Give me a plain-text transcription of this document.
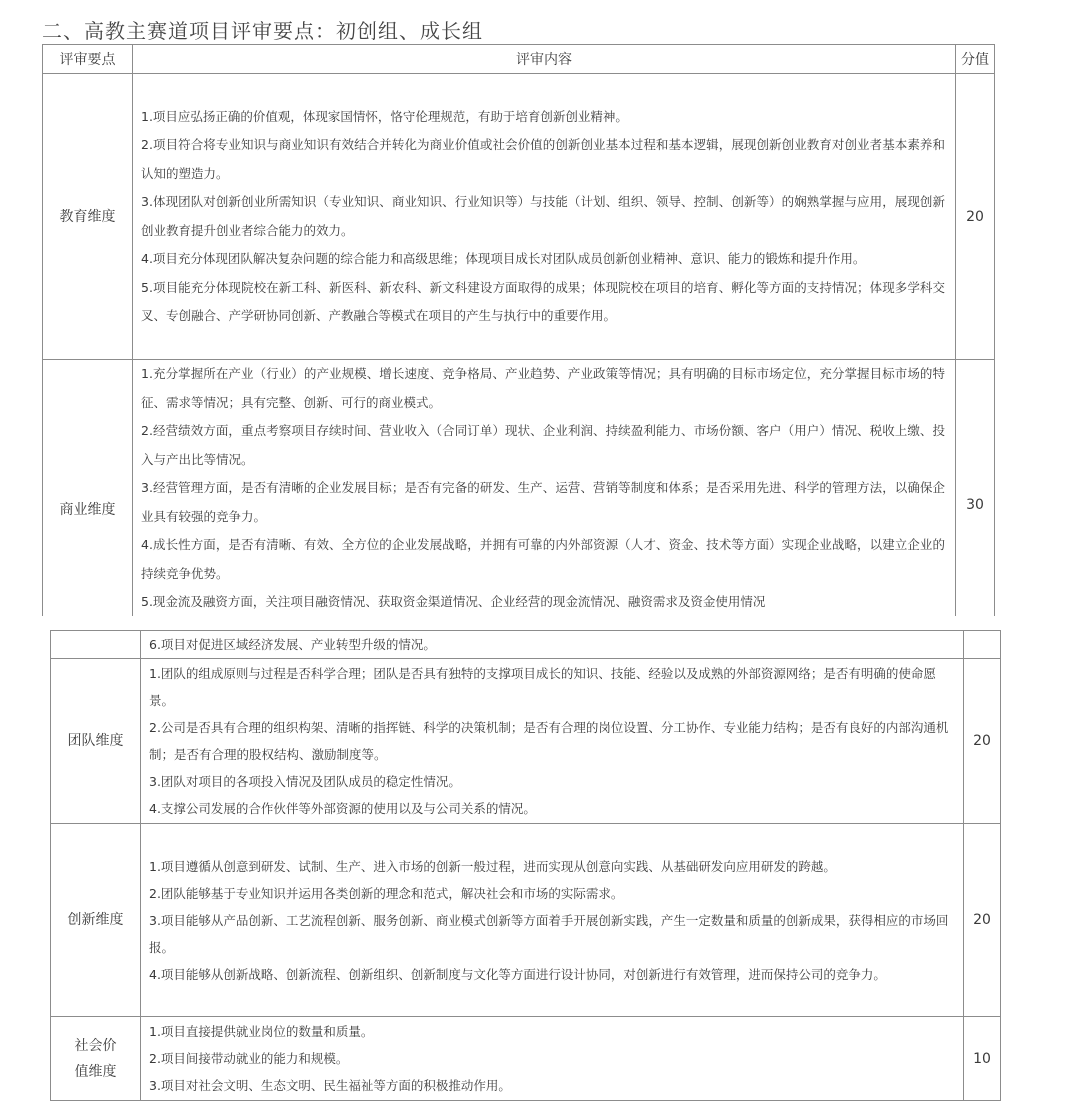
二、高教主赛道项目评审要点：初创组、成长组
评审要点	评审内容	分值
教育维度	1.项目应弘扬正确的价值观，体现家国情怀，恪守伦理规范，有助于培育创新创业精神。

2.项目符合将专业知识与商业知识有效结合并转化为商业价值或社会价值的创新创业基本过程和基本逻辑，展现创新创业教育对创业者基本素养和认知的塑造力。

3.体现团队对创新创业所需知识（专业知识、商业知识、行业知识等）与技能（计划、组织、领导、控制、创新等）的娴熟掌握与应用，展现创新创业教育提升创业者综合能力的效力。

4.项目充分体现团队解决复杂问题的综合能力和高级思维；体现项目成长对团队成员创新创业精神、意识、能力的锻炼和提升作用。

5.项目能充分体现院校在新工科、新医科、新农科、新文科建设方面取得的成果；体现院校在项目的培育、孵化等方面的支持情况；体现多学科交叉、专创融合、产学研协同创新、产教融合等模式在项目的产生与执行中的重要作用。	20
商业维度	1.充分掌握所在产业（行业）的产业规模、增长速度、竞争格局、产业趋势、产业政策等情况；具有明确的目标市场定位，充分掌握目标市场的特征、需求等情况；具有完整、创新、可行的商业模式。

2.经营绩效方面，重点考察项目存续时间、营业收入（合同订单）现状、企业利润、持续盈利能力、市场份额、客户（用户）情况、税收上缴、投入与产出比等情况。

3.经营管理方面，是否有清晰的企业发展目标；是否有完备的研发、生产、运营、营销等制度和体系；是否采用先进、科学的管理方法，以确保企业具有较强的竞争力。

4.成长性方面，是否有清晰、有效、全方位的企业发展战略，并拥有可靠的内外部资源（人才、资金、技术等方面）实现企业战略，以建立企业的持续竞争优势。

5.现金流及融资方面，关注项目融资情况、获取资金渠道情况、企业经营的现金流情况、融资需求及资金使用情况	30

	6.项目对促进区域经济发展、产业转型升级的情况。	

团队维度	1.团队的组成原则与过程是否科学合理；团队是否具有独特的支撑项目成长的知识、技能、经验以及成熟的外部资源网络；是否有明确的使命愿景。

2.公司是否具有合理的组织构架、清晰的指挥链、科学的决策机制；是否有合理的岗位设置、分工协作、专业能力结构；是否有良好的内部沟通机制；是否有合理的股权结构、激励制度等。

3.团队对项目的各项投入情况及团队成员的稳定性情况。

4.支撑公司发展的合作伙伴等外部资源的使用以及与公司关系的情况。	20
创新维度	1.项目遵循从创意到研发、试制、生产、进入市场的创新一般过程，进而实现从创意向实践、从基础研发向应用研发的跨越。

2.团队能够基于专业知识并运用各类创新的理念和范式，解决社会和市场的实际需求。

3.项目能够从产品创新、工艺流程创新、服务创新、商业模式创新等方面着手开展创新实践，产生一定数量和质量的创新成果，获得相应的市场回报。

4.项目能够从创新战略、创新流程、创新组织、创新制度与文化等方面进行设计协同，对创新进行有效管理，进而保持公司的竞争力。	20
社会价值维度	1.项目直接提供就业岗位的数量和质量。

2.项目间接带动就业的能力和规模。

3.项目对社会文明、生态文明、民生福祉等方面的积极推动作用。	10
